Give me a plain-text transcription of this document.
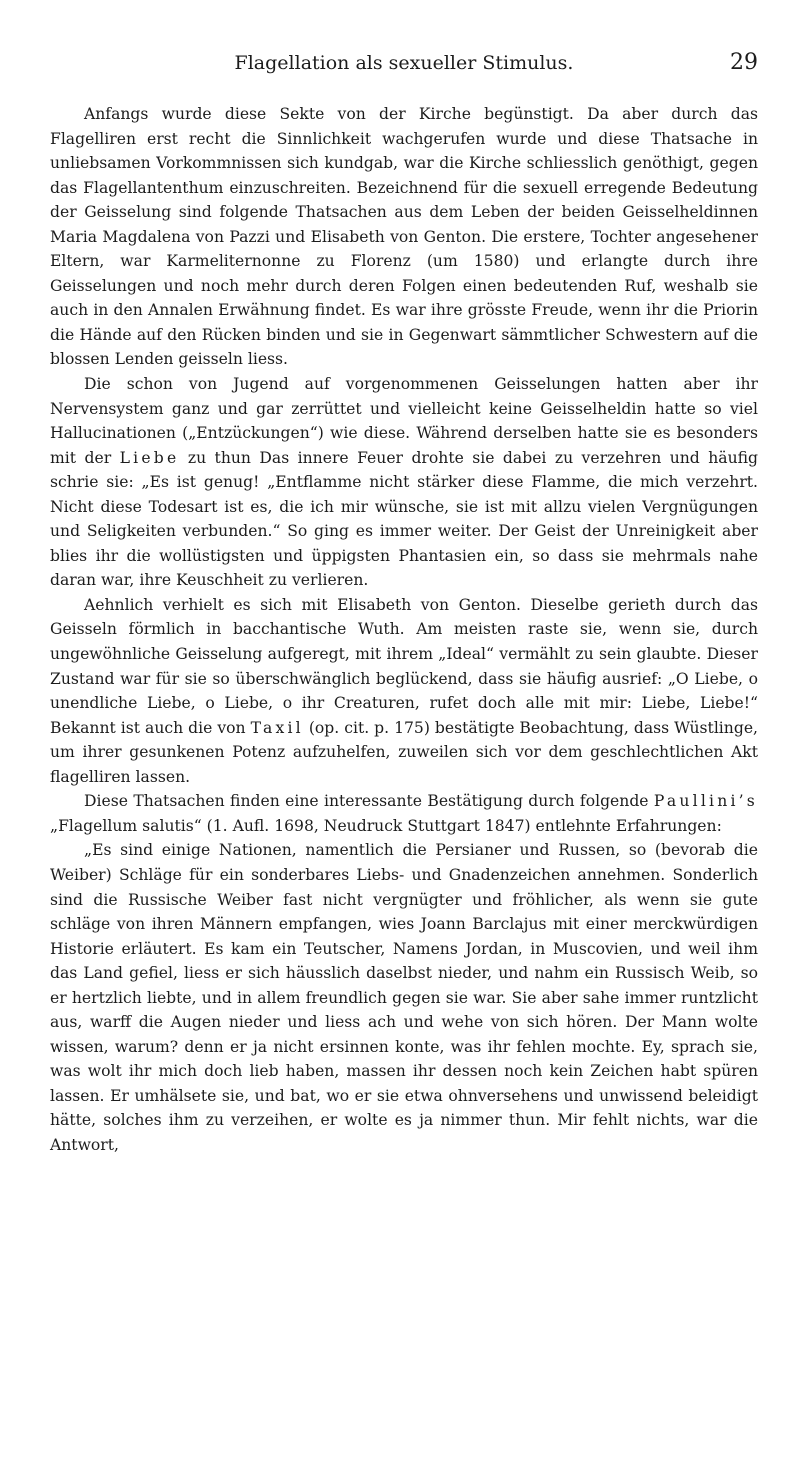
Flagellation als sexueller Stimulus.	29

Anfangs wurde diese Sekte von der Kirche begünstigt. Da aber durch das Flagelliren erst recht die Sinnlichkeit wachgerufen wurde und diese Thatsache in unliebsamen Vorkommnissen sich kundgab, war die Kirche schliesslich genöthigt, gegen das Flagellantenthum einzuschreiten. Bezeichnend für die sexuell erregende Bedeutung der Geisselung sind folgende Thatsachen aus dem Leben der beiden Geisselheldinnen Maria Magdalena von Pazzi und Elisabeth von Genton. Die erstere, Tochter angesehener Eltern, war Karmeliternonne zu Florenz (um 1580) und erlangte durch ihre Geisselungen und noch mehr durch deren Folgen einen bedeutenden Ruf, weshalb sie auch in den Annalen Erwähnung findet. Es war ihre grösste Freude, wenn ihr die Priorin die Hände auf den Rücken binden und sie in Gegenwart sämmtlicher Schwestern auf die blossen Lenden geisseln liess.

Die schon von Jugend auf vorgenommenen Geisselungen hatten aber ihr Nervensystem ganz und gar zerrüttet und vielleicht keine Geisselheldin hatte so viel Hallucinationen („Entzückungen“) wie diese. Während derselben hatte sie es besonders mit der Liebe zu thun Das innere Feuer drohte sie dabei zu verzehren und häufig schrie sie: „Es ist genug! „Entflamme nicht stärker diese Flamme, die mich verzehrt. Nicht diese Todesart ist es, die ich mir wünsche, sie ist mit allzu vielen Vergnügungen und Seligkeiten verbunden.“ So ging es immer weiter. Der Geist der Unreinigkeit aber blies ihr die wollüstigsten und üppigsten Phantasien ein, so dass sie mehrmals nahe daran war, ihre Keuschheit zu verlieren.

Aehnlich verhielt es sich mit Elisabeth von Genton. Dieselbe gerieth durch das Geisseln förmlich in bacchantische Wuth. Am meisten raste sie, wenn sie, durch ungewöhnliche Geisselung aufgeregt, mit ihrem „Ideal“ vermählt zu sein glaubte. Dieser Zustand war für sie so überschwänglich beglückend, dass sie häufig ausrief: „O Liebe, o unendliche Liebe, o Liebe, o ihr Creaturen, rufet doch alle mit mir: Liebe, Liebe!“ Bekannt ist auch die von Taxil (op. cit. p. 175) bestätigte Beobachtung, dass Wüstlinge, um ihrer gesunkenen Potenz aufzuhelfen, zuweilen sich vor dem geschlechtlichen Akt flagelliren lassen.

Diese Thatsachen finden eine interessante Bestätigung durch folgende Paullini’s „Flagellum salutis“ (1. Aufl. 1698, Neudruck Stuttgart 1847) entlehnte Erfahrungen:

„Es sind einige Nationen, namentlich die Persianer und Russen, so (bevorab die Weiber) Schläge für ein sonderbares Liebs- und Gnadenzeichen annehmen. Sonderlich sind die Russische Weiber fast nicht vergnügter und fröhlicher, als wenn sie gute schläge von ihren Männern empfangen, wies Joann Barclajus mit einer merckwürdigen Historie erläutert. Es kam ein Teutscher, Namens Jordan, in Muscovien, und weil ihm das Land gefiel, liess er sich häusslich daselbst nieder, und nahm ein Russisch Weib, so er hertzlich liebte, und in allem freundlich gegen sie war. Sie aber sahe immer runtzlicht aus, warff die Augen nieder und liess ach und wehe von sich hören. Der Mann wolte wissen, warum? denn er ja nicht ersinnen konte, was ihr fehlen mochte. Ey, sprach sie, was wolt ihr mich doch lieb haben, massen ihr dessen noch kein Zeichen habt spüren lassen. Er umhälsete sie, und bat, wo er sie etwa ohnversehens und unwissend beleidigt hätte, solches ihm zu verzeihen, er wolte es ja nimmer thun. Mir fehlt nichts, war die Antwort,
